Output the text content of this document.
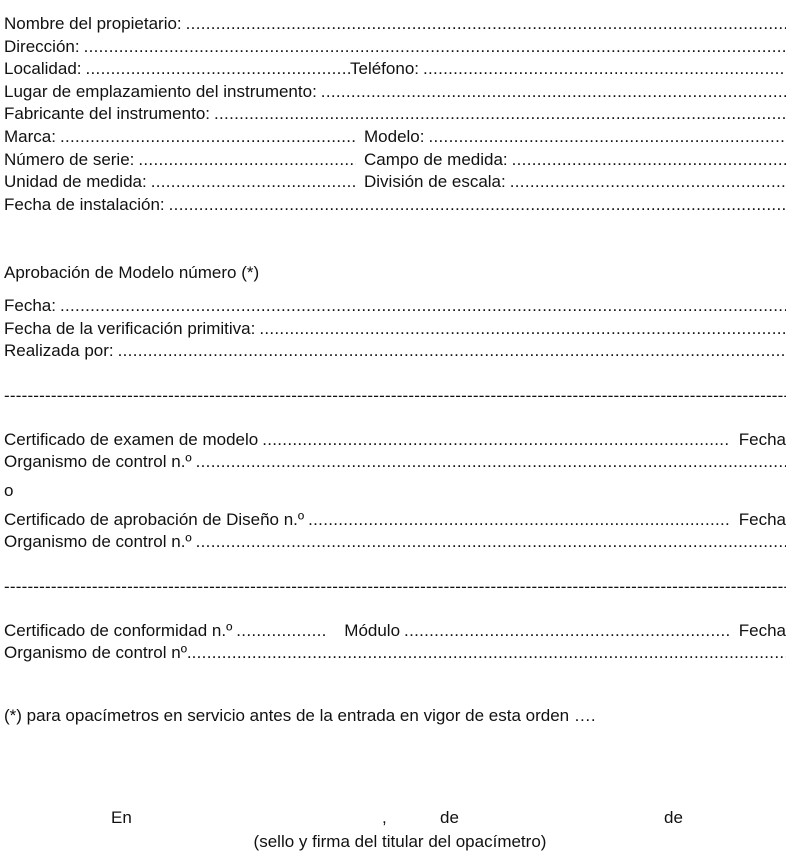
Nombre del propietario:
.....
Dirección:
.....
Localidad: .....	Teléfono:
.....
Lugar de emplazamiento del instrumento:
.....
Fabricante del instrumento:
.....
Marca: .....	Modelo:
.....
Número de serie: .....	Campo de medida:
.....
Unidad de medida: .....	División de escala:
.....
Fecha de instalación:
.....
Aprobación de Modelo número (*)
Fecha:
.....
Fecha de la verificación primitiva:
.....
Realizada por:
.....
-----
Certificado de examen de modelo .....	Fecha
Organismo de control n.º
.....
o
Certificado de aprobación de Diseño n.º .....	Fecha
Organismo de control n.º
.....
-----
Certificado de conformidad n.º .....	Módulo .....	Fecha
Organismo de control nº.
.....
(*) para opacímetros en servicio antes de la entrada en vigor de esta orden ….
En	,	de	de
(sello y firma del titular del opacímetro)
